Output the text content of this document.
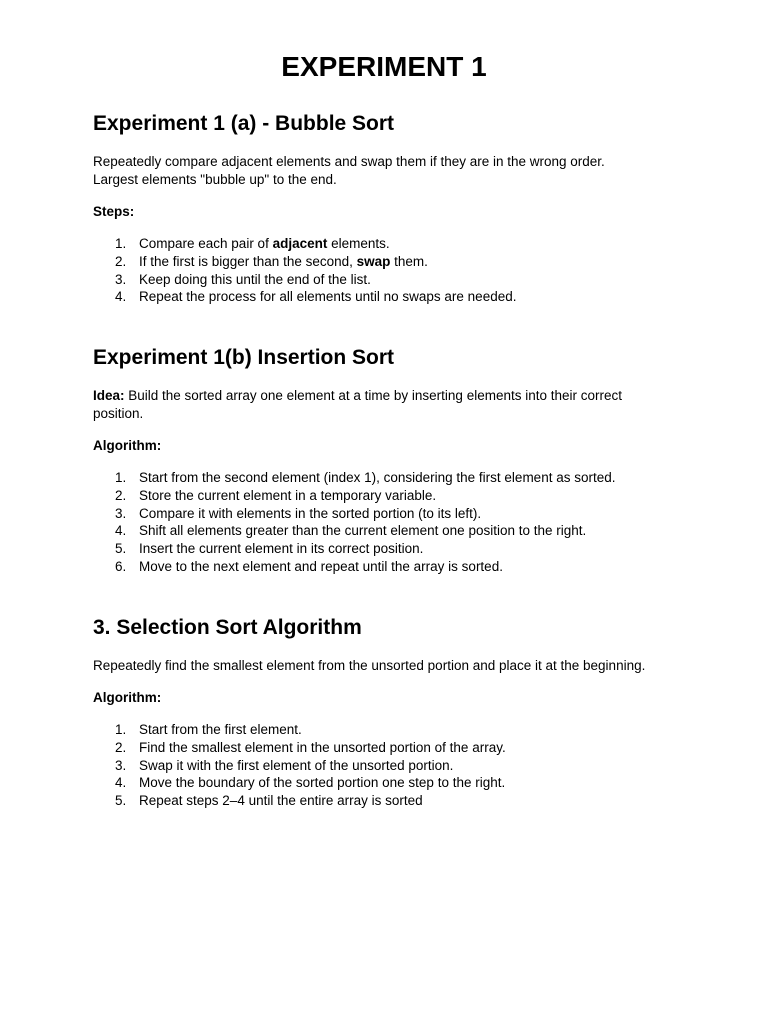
EXPERIMENT 1
Experiment 1 (a) - Bubble Sort

Repeatedly compare adjacent elements and swap them if they are in the wrong order.
Largest elements "bubble up" to the end.

Steps:

1. Compare each pair of adjacent elements.
2. If the first is bigger than the second, swap them.
3. Keep doing this until the end of the list.
4. Repeat the process for all elements until no swaps are needed.
Experiment 1(b) Insertion Sort

Idea: Build the sorted array one element at a time by inserting elements into their correct
position.

Algorithm:

1. Start from the second element (index 1), considering the first element as sorted.
2. Store the current element in a temporary variable.
3. Compare it with elements in the sorted portion (to its left).
4. Shift all elements greater than the current element one position to the right.
5. Insert the current element in its correct position.
6. Move to the next element and repeat until the array is sorted.
3. Selection Sort Algorithm

Repeatedly find the smallest element from the unsorted portion and place it at the beginning.

Algorithm:

1. Start from the first element.
2. Find the smallest element in the unsorted portion of the array.
3. Swap it with the first element of the unsorted portion.
4. Move the boundary of the sorted portion one step to the right.
5. Repeat steps 2–4 until the entire array is sorted
